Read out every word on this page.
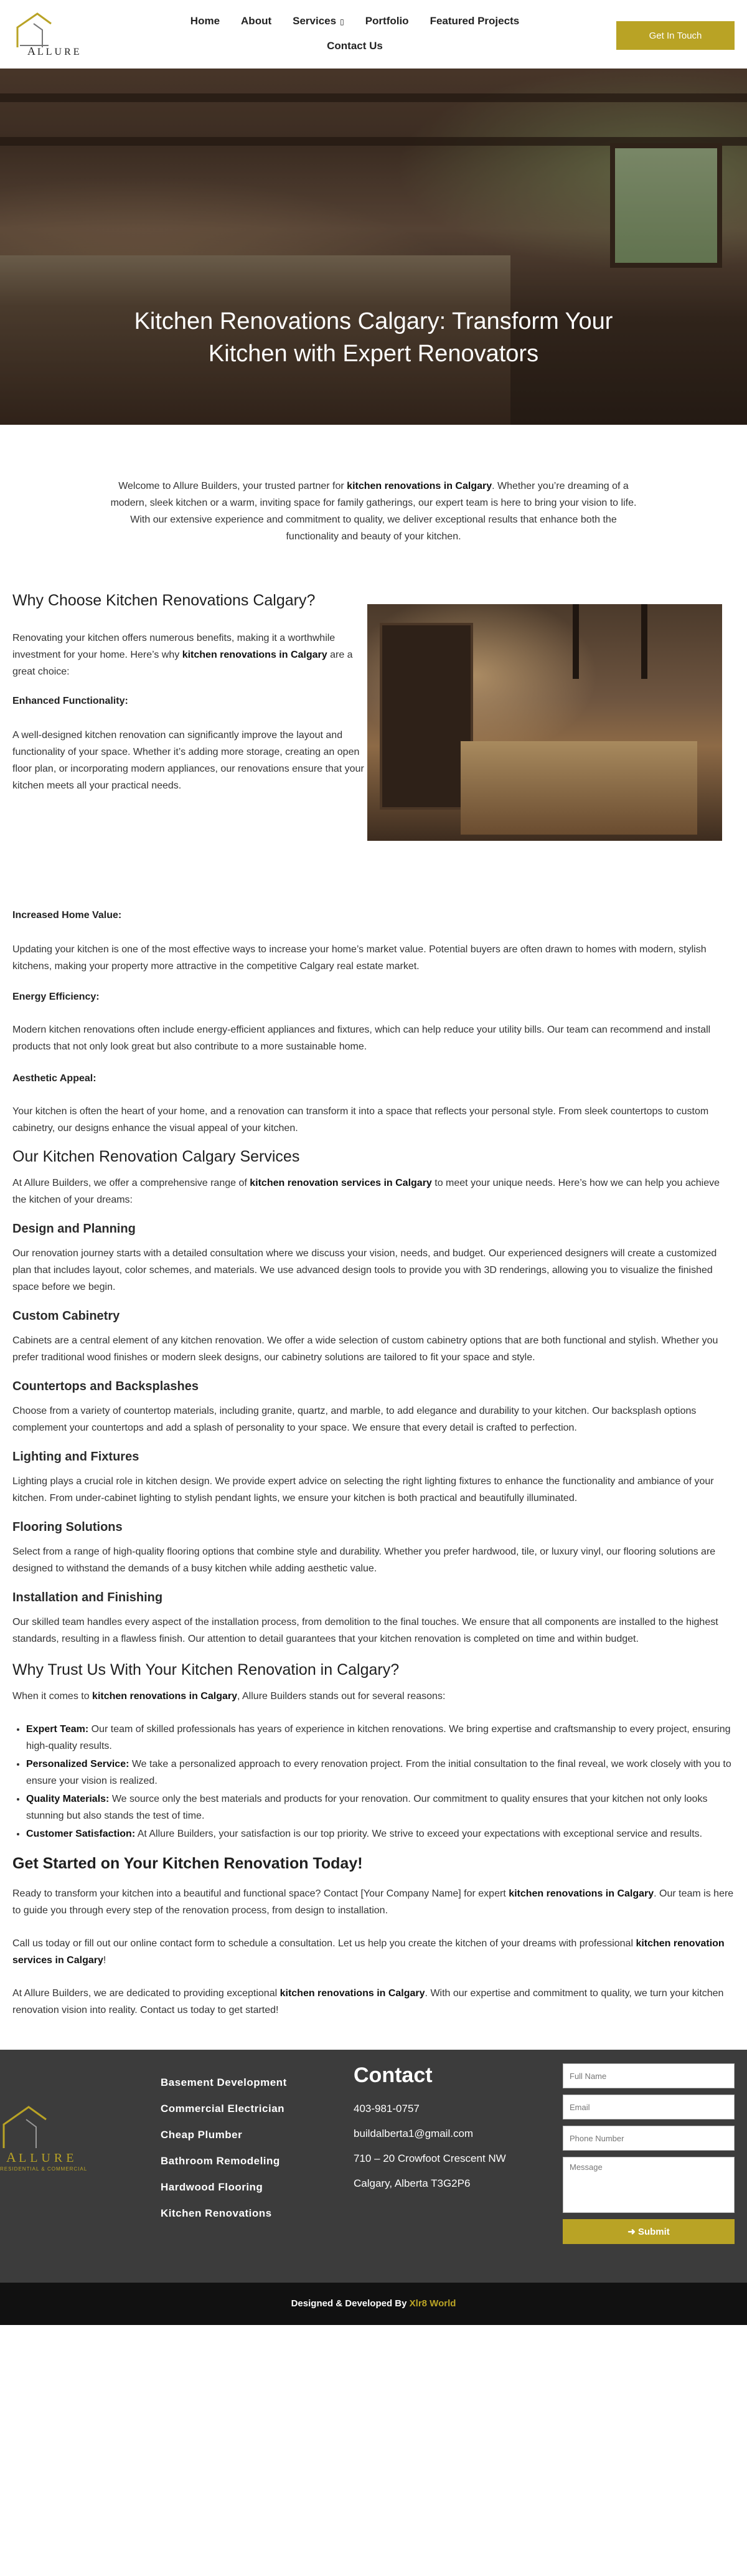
A LLURE
Home About Services ▯ Portfolio Featured Projects
Contact Us
Get In Touch
Kitchen Renovations Calgary: Transform Your Kitchen with Expert Renovators

Welcome to Allure Builders, your trusted partner for kitchen renovations in Calgary. Whether you’re dreaming of a modern, sleek kitchen or a warm, inviting space for family gatherings, our expert team is here to bring your vision to life. With our extensive experience and commitment to quality, we deliver exceptional results that enhance both the functionality and beauty of your kitchen.

Why Choose Kitchen Renovations Calgary?

Renovating your kitchen offers numerous benefits, making it a worthwhile investment for your home. Here’s why kitchen renovations in Calgary are a great choice:

Enhanced Functionality:

A well-designed kitchen renovation can significantly improve the layout and functionality of your space. Whether it’s adding more storage, creating an open floor plan, or incorporating modern appliances, our renovations ensure that your kitchen meets all your practical needs.

Increased Home Value:

Updating your kitchen is one of the most effective ways to increase your home’s market value. Potential buyers are often drawn to homes with modern, stylish kitchens, making your property more attractive in the competitive Calgary real estate market.

Energy Efficiency:

Modern kitchen renovations often include energy-efficient appliances and fixtures, which can help reduce your utility bills. Our team can recommend and install products that not only look great but also contribute to a more sustainable home.

Aesthetic Appeal:

Your kitchen is often the heart of your home, and a renovation can transform it into a space that reflects your personal style. From sleek countertops to custom cabinetry, our designs enhance the visual appeal of your kitchen.

Our Kitchen Renovation Calgary Services

At Allure Builders, we offer a comprehensive range of kitchen renovation services in Calgary to meet your unique needs. Here’s how we can help you achieve the kitchen of your dreams:

Design and Planning

Our renovation journey starts with a detailed consultation where we discuss your vision, needs, and budget. Our experienced designers will create a customized plan that includes layout, color schemes, and materials. We use advanced design tools to provide you with 3D renderings, allowing you to visualize the finished space before we begin.

Custom Cabinetry

Cabinets are a central element of any kitchen renovation. We offer a wide selection of custom cabinetry options that are both functional and stylish. Whether you prefer traditional wood finishes or modern sleek designs, our cabinetry solutions are tailored to fit your space and style.

Countertops and Backsplashes

Choose from a variety of countertop materials, including granite, quartz, and marble, to add elegance and durability to your kitchen. Our backsplash options complement your countertops and add a splash of personality to your space. We ensure that every detail is crafted to perfection.

Lighting and Fixtures

Lighting plays a crucial role in kitchen design. We provide expert advice on selecting the right lighting fixtures to enhance the functionality and ambiance of your kitchen. From under-cabinet lighting to stylish pendant lights, we ensure your kitchen is both practical and beautifully illuminated.

Flooring Solutions

Select from a range of high-quality flooring options that combine style and durability. Whether you prefer hardwood, tile, or luxury vinyl, our flooring solutions are designed to withstand the demands of a busy kitchen while adding aesthetic value.

Installation and Finishing

Our skilled team handles every aspect of the installation process, from demolition to the final touches. We ensure that all components are installed to the highest standards, resulting in a flawless finish. Our attention to detail guarantees that your kitchen renovation is completed on time and within budget.

Why Trust Us With Your Kitchen Renovation in Calgary?

When it comes to kitchen renovations in Calgary, Allure Builders stands out for several reasons:

• Expert Team: Our team of skilled professionals has years of experience in kitchen renovations. We bring expertise and craftsmanship to every project, ensuring high-quality results.
• Personalized Service: We take a personalized approach to every renovation project. From the initial consultation to the final reveal, we work closely with you to ensure your vision is realized.
• Quality Materials: We source only the best materials and products for your renovation. Our commitment to quality ensures that your kitchen not only looks stunning but also stands the test of time.
• Customer Satisfaction: At Allure Builders, your satisfaction is our top priority. We strive to exceed your expectations with exceptional service and results.
Get Started on Your Kitchen Renovation Today!

Ready to transform your kitchen into a beautiful and functional space? Contact [Your Company Name] for expert kitchen renovations in Calgary. Our team is here to guide you through every step of the renovation process, from design to installation.

Call us today or fill out our online contact form to schedule a consultation. Let us help you create the kitchen of your dreams with professional kitchen renovation services in Calgary!

At Allure Builders, we are dedicated to providing exceptional kitchen renovations in Calgary. With our expertise and commitment to quality, we turn your kitchen renovation vision into reality. Contact us today to get started!

A LLURE
RESIDENTIAL & COMMERCIAL
Basement Development
Commercial Electrician
Cheap Plumber
Bathroom Remodeling
Hardwood Flooring
Kitchen Renovations
Contact
403-981-0757
buildalberta1@gmail.com
710 – 20 Crowfoot Crescent NW
Calgary, Alberta T3G2P6
Full Name
Email
Phone Number
Message ➜ Submit
Designed & Developed By Xlr8 World
